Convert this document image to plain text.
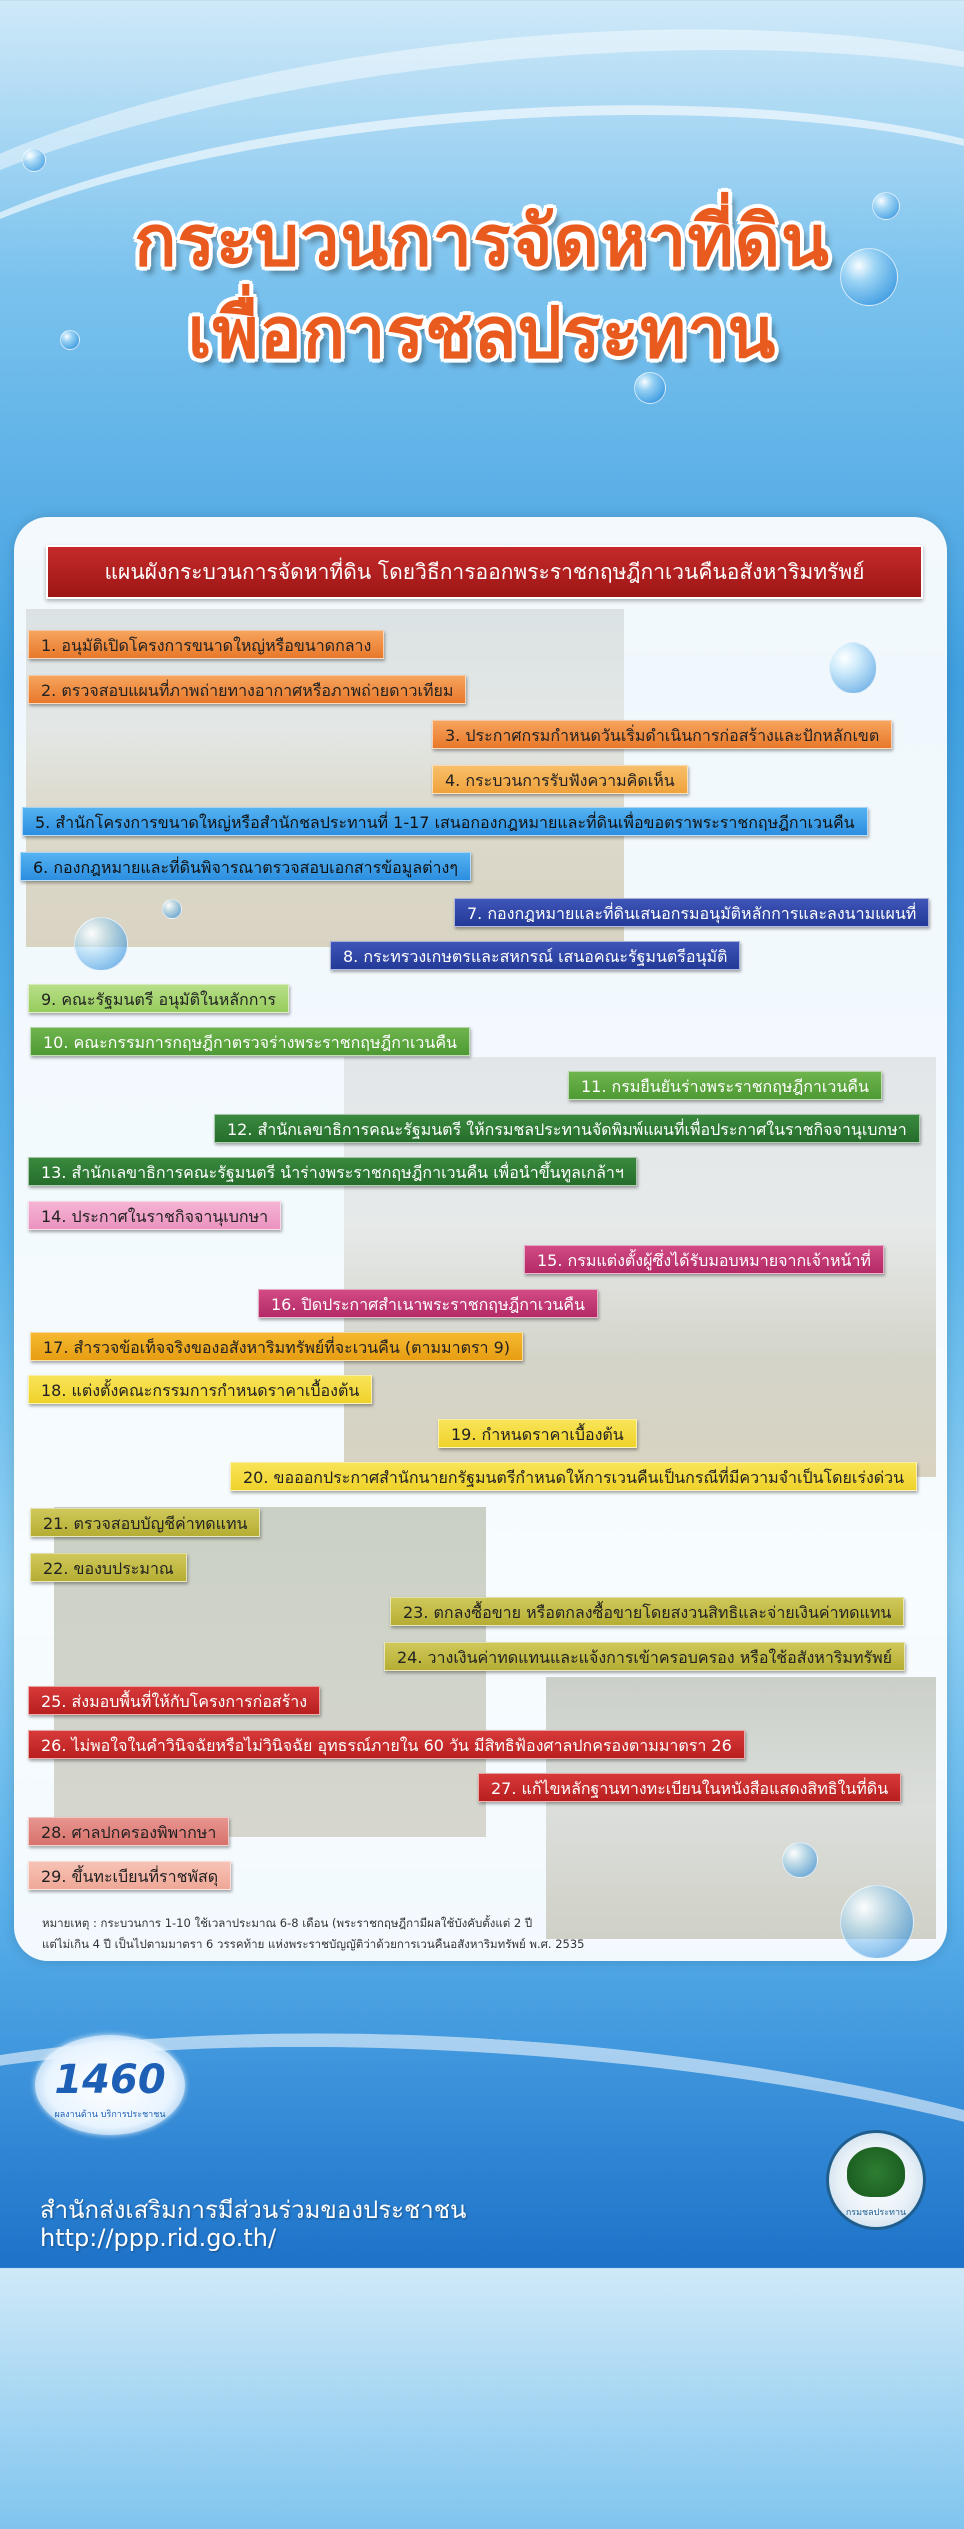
กระบวนการจัดหาที่ดิน
เพื่อการชลประทาน
แผนผังกระบวนการจัดหาที่ดิน โดยวิธีการออกพระราชกฤษฎีกาเวนคืนอสังหาริมทรัพย์
1. อนุมัติเปิดโครงการขนาดใหญ่หรือขนาดกลาง
2. ตรวจสอบแผนที่ภาพถ่ายทางอากาศหรือภาพถ่ายดาวเทียม
3. ประกาศกรมกำหนดวันเริ่มดำเนินการก่อสร้างและปักหลักเขต
4. กระบวนการรับฟังความคิดเห็น
5. สำนักโครงการขนาดใหญ่หรือสำนักชลประทานที่ 1-17 เสนอกองกฎหมายและที่ดินเพื่อขอตราพระราชกฤษฎีกาเวนคืน
6. กองกฎหมายและที่ดินพิจารณาตรวจสอบเอกสารข้อมูลต่างๆ
7. กองกฎหมายและที่ดินเสนอกรมอนุมัติหลักการและลงนามแผนที่
8. กระทรวงเกษตรและสหกรณ์ เสนอคณะรัฐมนตรีอนุมัติ
9. คณะรัฐมนตรี อนุมัติในหลักการ
10. คณะกรรมการกฤษฎีกาตรวจร่างพระราชกฤษฎีกาเวนคืน
11. กรมยืนยันร่างพระราชกฤษฎีกาเวนคืน
12. สำนักเลขาธิการคณะรัฐมนตรี ให้กรมชลประทานจัดพิมพ์แผนที่เพื่อประกาศในราชกิจจานุเบกษา
13. สำนักเลขาธิการคณะรัฐมนตรี นำร่างพระราชกฤษฎีกาเวนคืน เพื่อนำขึ้นทูลเกล้าฯ
14. ประกาศในราชกิจจานุเบกษา
15. กรมแต่งตั้งผู้ซึ่งได้รับมอบหมายจากเจ้าหน้าที่
16. ปิดประกาศสำเนาพระราชกฤษฎีกาเวนคืน
17. สำรวจข้อเท็จจริงของอสังหาริมทรัพย์ที่จะเวนคืน (ตามมาตรา 9)
18. แต่งตั้งคณะกรรมการกำหนดราคาเบื้องต้น
19. กำหนดราคาเบื้องต้น
20. ขอออกประกาศสำนักนายกรัฐมนตรีกำหนดให้การเวนคืนเป็นกรณีที่มีความจำเป็นโดยเร่งด่วน
21. ตรวจสอบบัญชีค่าทดแทน
22. ของบประมาณ
23. ตกลงซื้อขาย หรือตกลงซื้อขายโดยสงวนสิทธิและจ่ายเงินค่าทดแทน
24. วางเงินค่าทดแทนและแจ้งการเข้าครอบครอง หรือใช้อสังหาริมทรัพย์
25. ส่งมอบพื้นที่ให้กับโครงการก่อสร้าง
26. ไม่พอใจในคำวินิจฉัยหรือไม่วินิจฉัย อุทธรณ์ภายใน 60 วัน มีสิทธิฟ้องศาลปกครองตามมาตรา 26
27. แก้ไขหลักฐานทางทะเบียนในหนังสือแสดงสิทธิในที่ดิน
28. ศาลปกครองพิพากษา
29. ขึ้นทะเบียนที่ราชพัสดุ
หมายเหตุ : กระบวนการ 1-10 ใช้เวลาประมาณ 6-8 เดือน (พระราชกฤษฎีกามีผลใช้บังคับตั้งแต่ 2 ปี
แต่ไม่เกิน 4 ปี เป็นไปตามมาตรา 6 วรรคท้าย แห่งพระราชบัญญัติว่าด้วยการเวนคืนอสังหาริมทรัพย์ พ.ศ. 2535
1460
ผลงานด้าน บริการประชาชน
สำนักส่งเสริมการมีส่วนร่วมของประชาชน
http://ppp.rid.go.th/
กรมชลประทาน
